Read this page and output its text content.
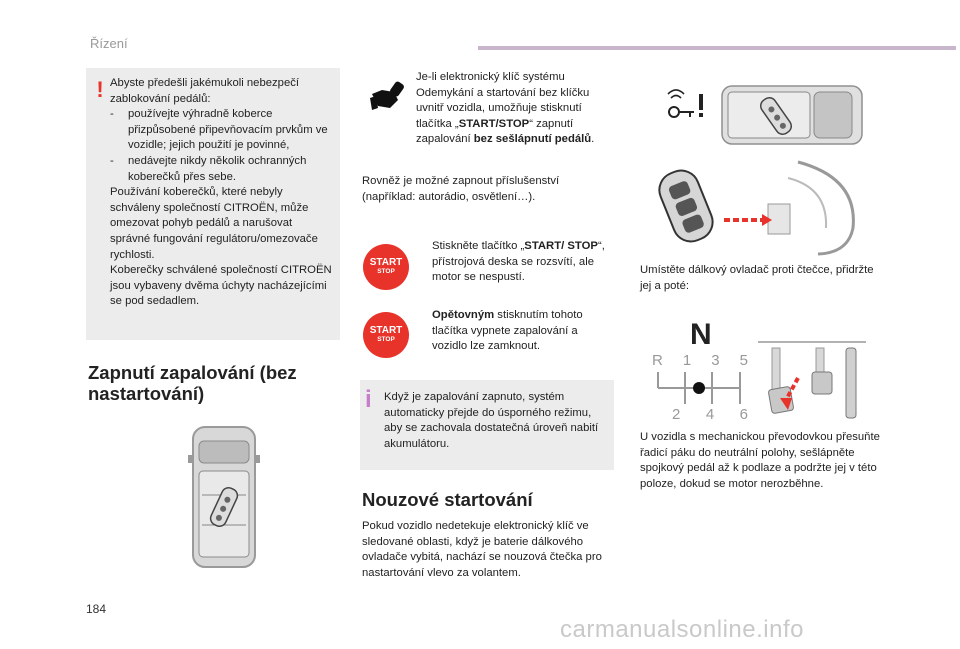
Řízení
! Abyste předešli jakémukoli nebezpečí zablokování pedálů:

-	používejte výhradně koberce přizpůsobené připevňovacím prvkům ve vozidle; jejich použití je povinné,
-	nedávejte nikdy několik ochranných koberečků přes sebe.

Používání koberečků, které nebyly schváleny společností CITROËN, může omezovat pohyb pedálů a narušovat správné fungování regulátoru/omezovače rychlosti.

Koberečky schválené společností CITROËN jsou vybaveny dvěma úchyty nacházejícími se pod sedadlem.

Zapnutí zapalování (bez
nastartování)
Je-li elektronický klíč systému Odemykání a startování bez klíčku uvnitř vozidla, umožňuje stisknutí tlačítka „START/STOP“ zapnutí zapalování bez sešlápnutí pedálů.
Rovněž je možné zapnout příslušenství (například: autorádio, osvětlení…).
START
STOP
Stiskněte tlačítko „START/ STOP“, přístrojová deska se rozsvítí, ale motor se nespustí.
START
STOP
Opětovným stisknutím tohoto tlačítka vypnete zapalování a vozidlo lze zamknout.
i Když je zapalování zapnuto, systém automaticky přejde do úsporného režimu, aby se zachovala dostatečná úroveň nabití akumulátoru.
Nouzové startování
Pokud vozidlo nedetekuje elektronický klíč ve sledované oblasti, když je baterie dálkového ovladače vybitá, nachází se nouzová čtečka pro nastartování vlevo za volantem.
Umístěte dálkový ovladač proti čtečce, přidržte jej a poté:
N
R 1 3 5
2 4 6
U vozidla s mechanickou převodovkou přesuňte řadicí páku do neutrální polohy, sešlápněte spojkový pedál až k podlaze a podržte jej v této poloze, dokud se motor nerozběhne.
184
carmanualsonline.info
